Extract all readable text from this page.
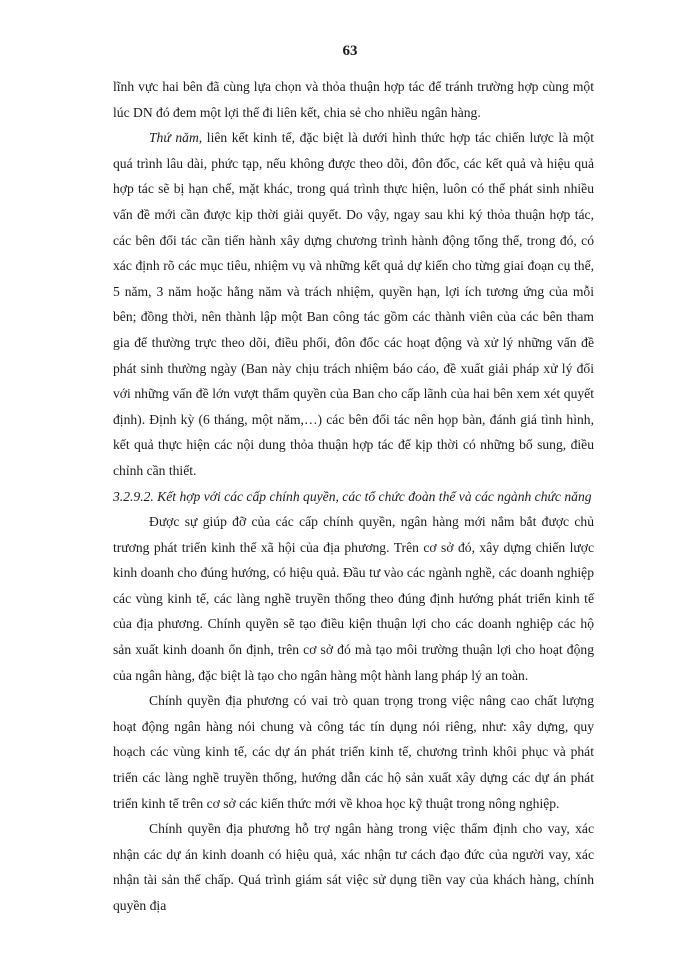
63

lĩnh vực hai bên đã cùng lựa chọn và thỏa thuận hợp tác để tránh trường hợp cùng một lúc DN đó đem một lợi thế đi liên kết, chia sẻ cho nhiều ngân hàng.

Thứ năm, liên kết kinh tế, đặc biệt là dưới hình thức hợp tác chiến lược là một quá trình lâu dài, phức tạp, nếu không được theo dõi, đôn đốc, các kết quả và hiệu quả hợp tác sẽ bị hạn chế, mặt khác, trong quá trình thực hiện, luôn có thể phát sinh nhiều vấn đề mới cần được kịp thời giải quyết. Do vậy, ngay sau khi ký thỏa thuận hợp tác, các bên đối tác cần tiến hành xây dựng chương trình hành động tổng thể, trong đó, có xác định rõ các mục tiêu, nhiệm vụ và những kết quả dự kiến cho từng giai đoạn cụ thể, 5 năm, 3 năm hoặc hằng năm và trách nhiệm, quyền hạn, lợi ích tương ứng của mỗi bên; đồng thời, nên thành lập một Ban công tác gồm các thành viên của các bên tham gia để thường trực theo dõi, điều phối, đôn đốc các hoạt động và xử lý những vấn đề phát sinh thường ngày (Ban này chịu trách nhiệm báo cáo, đề xuất giải pháp xử lý đối với những vấn đề lớn vượt thẩm quyền của Ban cho cấp lãnh của hai bên xem xét quyết định). Định kỳ (6 tháng, một năm,…) các bên đối tác nên họp bàn, đánh giá tình hình, kết quả thực hiện các nội dung thỏa thuận hợp tác để kịp thời có những bổ sung, điều chỉnh cần thiết.

3.2.9.2. Kết hợp với các cấp chính quyền, các tổ chức đoàn thể và các ngành chức năng

Được sự giúp đỡ của các cấp chính quyền, ngân hàng mới nắm bắt được chủ trương phát triển kinh thế xã hội của địa phương. Trên cơ sở đó, xây dựng chiến lược kinh doanh cho đúng hướng, có hiệu quả. Đầu tư vào các ngành nghề, các doanh nghiệp các vùng kinh tế, các làng nghề truyền thống theo đúng định hướng phát triển kinh tế của địa phương. Chính quyền sẽ tạo điều kiện thuận lợi cho các doanh nghiệp các hộ sản xuất kinh doanh ổn định, trên cơ sở đó mà tạo môi trường thuận lợi cho hoạt động của ngân hàng, đặc biệt là tạo cho ngân hàng một hành lang pháp lý an toàn.

Chính quyền địa phương có vai trò quan trọng trong việc nâng cao chất lượng hoạt động ngân hàng nói chung và công tác tín dụng nói riêng, như: xây dựng, quy hoạch các vùng kinh tế, các dự án phát triển kinh tế, chương trình khôi phục và phát triển các làng nghề truyền thống, hướng dẫn các hộ sản xuất xây dựng các dự án phát triển kinh tế trên cơ sở các kiến thức mới về khoa học kỹ thuật trong nông nghiệp.

Chính quyền địa phương hỗ trợ ngân hàng trong việc thẩm định cho vay, xác nhận các dự án kinh doanh có hiệu quả, xác nhận tư cách đạo đức của người vay, xác nhận tài sản thế chấp. Quá trình giám sát việc sử dụng tiền vay của khách hàng, chính quyền địa
